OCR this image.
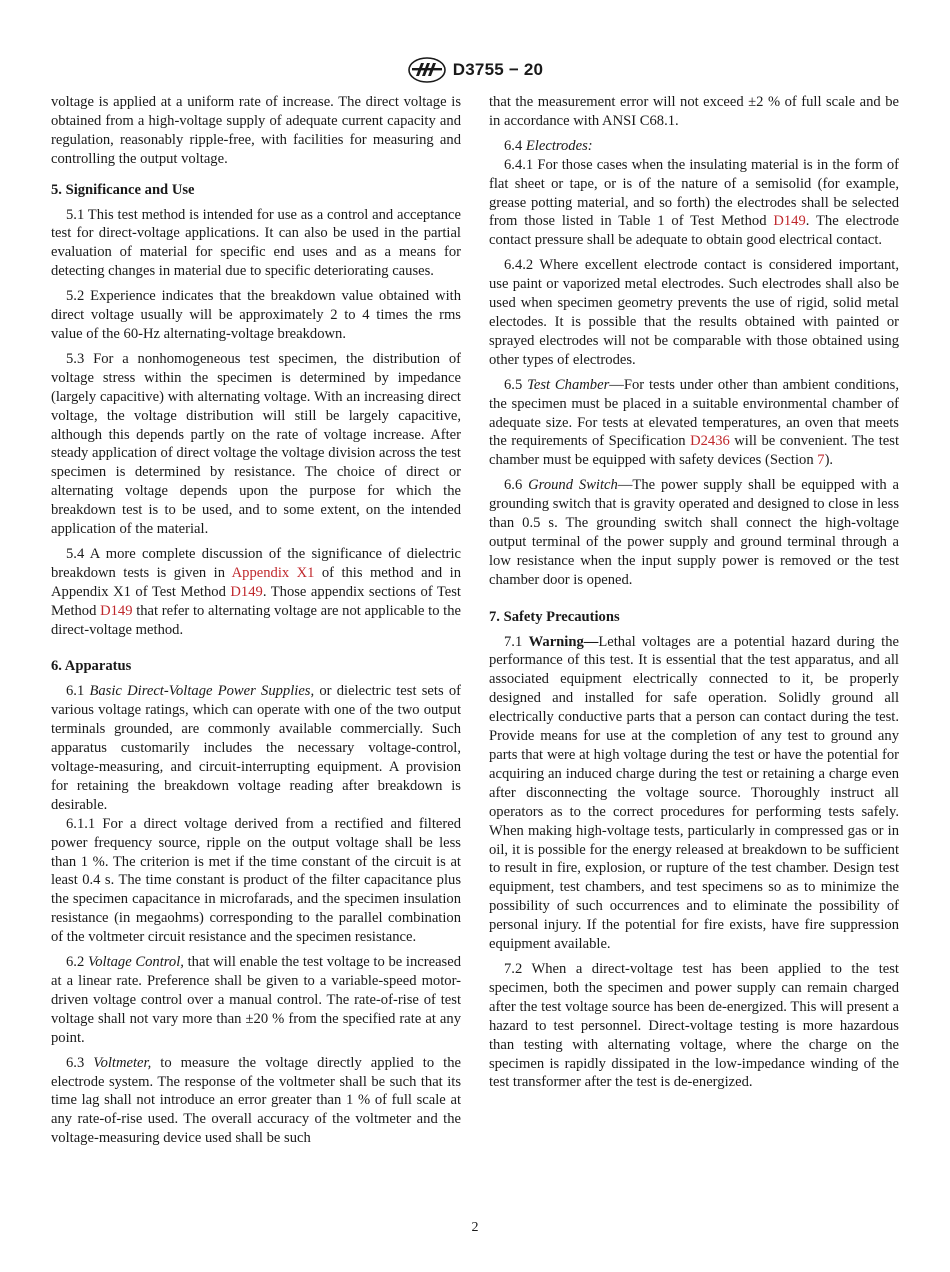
D3755 − 20

voltage is applied at a uniform rate of increase. The direct voltage is obtained from a high-voltage supply of adequate current capacity and regulation, reasonably ripple-free, with facilities for measuring and controlling the output voltage.

5. Significance and Use

5.1 This test method is intended for use as a control and acceptance test for direct-voltage applications. It can also be used in the partial evaluation of material for specific end uses and as a means for detecting changes in material due to specific deteriorating causes.

5.2 Experience indicates that the breakdown value obtained with direct voltage usually will be approximately 2 to 4 times the rms value of the 60-Hz alternating-voltage breakdown.

5.3 For a nonhomogeneous test specimen, the distribution of voltage stress within the specimen is determined by impedance (largely capacitive) with alternating voltage. With an increasing direct voltage, the voltage distribution will still be largely capacitive, although this depends partly on the rate of voltage increase. After steady application of direct voltage the voltage division across the test specimen is determined by resistance. The choice of direct or alternating voltage depends upon the purpose for which the breakdown test is to be used, and to some extent, on the intended application of the material.

5.4 A more complete discussion of the significance of dielectric breakdown tests is given in Appendix X1 of this method and in Appendix X1 of Test Method D149. Those appendix sections of Test Method D149 that refer to alternating voltage are not applicable to the direct-voltage method.

6. Apparatus

6.1 Basic Direct-Voltage Power Supplies, or dielectric test sets of various voltage ratings, which can operate with one of the two output terminals grounded, are commonly available commercially. Such apparatus customarily includes the necessary voltage-control, voltage-measuring, and circuit-interrupting equipment. A provision for retaining the breakdown voltage reading after breakdown is desirable.

6.1.1 For a direct voltage derived from a rectified and filtered power frequency source, ripple on the output voltage shall be less than 1 %. The criterion is met if the time constant of the circuit is at least 0.4 s. The time constant is product of the filter capacitance plus the specimen capacitance in microfarads, and the specimen insulation resistance (in megaohms) corresponding to the parallel combination of the voltmeter circuit resistance and the specimen resistance.

6.2 Voltage Control, that will enable the test voltage to be increased at a linear rate. Preference shall be given to a variable-speed motor-driven voltage control over a manual control. The rate-of-rise of test voltage shall not vary more than ±20 % from the specified rate at any point.

6.3 Voltmeter, to measure the voltage directly applied to the electrode system. The response of the voltmeter shall be such that its time lag shall not introduce an error greater than 1 % of full scale at any rate-of-rise used. The overall accuracy of the voltmeter and the voltage-measuring device used shall be such

that the measurement error will not exceed ±2 % of full scale and be in accordance with ANSI C68.1.

6.4 Electrodes:

6.4.1 For those cases when the insulating material is in the form of flat sheet or tape, or is of the nature of a semisolid (for example, grease potting material, and so forth) the electrodes shall be selected from those listed in Table 1 of Test Method D149. The electrode contact pressure shall be adequate to obtain good electrical contact.

6.4.2 Where excellent electrode contact is considered important, use paint or vaporized metal electrodes. Such electrodes shall also be used when specimen geometry prevents the use of rigid, solid metal electodes. It is possible that the results obtained with painted or sprayed electrodes will not be comparable with those obtained using other types of electrodes.

6.5 Test Chamber—For tests under other than ambient conditions, the specimen must be placed in a suitable environmental chamber of adequate size. For tests at elevated temperatures, an oven that meets the requirements of Specification D2436 will be convenient. The test chamber must be equipped with safety devices (Section 7).

6.6 Ground Switch—The power supply shall be equipped with a grounding switch that is gravity operated and designed to close in less than 0.5 s. The grounding switch shall connect the high-voltage output terminal of the power supply and ground terminal through a low resistance when the input supply power is removed or the test chamber door is opened.

7. Safety Precautions

7.1 Warning—Lethal voltages are a potential hazard during the performance of this test. It is essential that the test apparatus, and all associated equipment electrically connected to it, be properly designed and installed for safe operation. Solidly ground all electrically conductive parts that a person can contact during the test. Provide means for use at the completion of any test to ground any parts that were at high voltage during the test or have the potential for acquiring an induced charge during the test or retaining a charge even after disconnecting the voltage source. Thoroughly instruct all operators as to the correct procedures for performing tests safely. When making high-voltage tests, particularly in compressed gas or in oil, it is possible for the energy released at breakdown to be sufficient to result in fire, explosion, or rupture of the test chamber. Design test equipment, test chambers, and test specimens so as to minimize the possibility of such occurrences and to eliminate the possibility of personal injury. If the potential for fire exists, have fire suppression equipment available.

7.2 When a direct-voltage test has been applied to the test specimen, both the specimen and power supply can remain charged after the test voltage source has been de-energized. This will present a hazard to test personnel. Direct-voltage testing is more hazardous than testing with alternating voltage, where the charge on the specimen is rapidly dissipated in the low-impedance winding of the test transformer after the test is de-energized.

2
